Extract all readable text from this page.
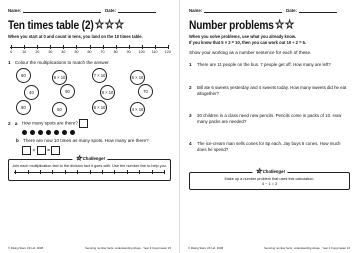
Name:	Date:
Ten times table (2) ★ ★ ★
When you start at 0 and count in tens, you land on the 10 times table.
0	10	20	30	40	50	60	70	80	90 100 110 120
1 Colour the multiplications to match the answer.
60	9 × 10	7 × 10	5 × 10
40	90	8 × 10	70
80	50	6 × 10	4 × 10
2 a How many spots are there?
b There are now 10 times as many spots. How many are there?
× =
★ Challenge!
Join each multiplication fact to the division fact it goes with. Use the number line to help you.
© Rising Stars UK Ltd. 2008	Securing number facts, understanding shape · Year 2 Copymaster 15
Name:	Date:
Number problems ★ ★
When you solve problems, use what you already know.
If you know that 5 × 2 = 10, then you can work out 10 ÷ 2 = 5.
Show your working as a number sentence for each of these.
1	There are 11 people on the bus. 7 people get off. How many are left?
2	Bill ate 6 sweets yesterday and 4 sweets today. How many sweets did he eat altogether?
3	30 children in a class need new pencils. Pencils come in packs of 10. How many packs are needed?
4	The ice-cream man sells cones for 5p each. Jay buys 6 cones. How much does he spend?
★ Challenge!
Make up a number problem that uses this calculation.
4 − 1 = 3
© Rising Stars UK Ltd. 2008	Securing number facts, understanding shape · Year 2 Copymaster 16
